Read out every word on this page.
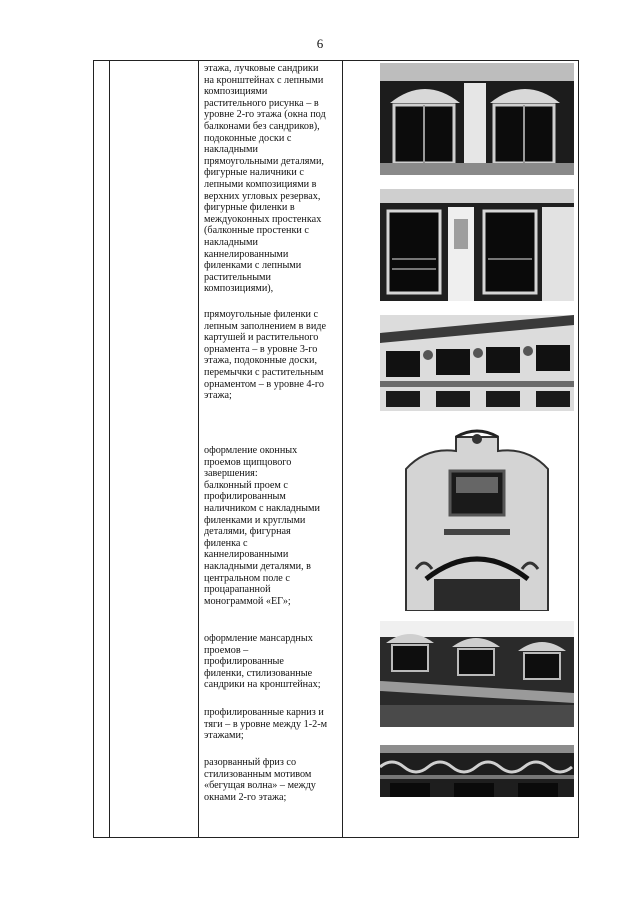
6
этажа, лучковые сандрики
на кронштейнах с лепными
композициями
растительного рисунка – в
уровне 2-го этажа (окна под
балконами без сандриков),
подоконные доски с
накладными
прямоугольными деталями,
фигурные наличники с
лепными композициями в
верхних угловых резервах,
фигурные филенки в
междуоконных простенках
(балконные простенки с
накладными
каннелированными
филенками с лепными
растительными
композициями),
прямоугольные филенки с
лепным заполнением в виде
картушей и растительного
орнамента – в уровне 3-го
этажа, подоконные доски,
перемычки с растительным
орнаментом – в уровне 4-го
этажа;
оформление оконных
проемов щипцового
завершения:
балконный проем с
профилированным
наличником с накладными
филенками и круглыми
деталями, фигурная
филенка с
каннелированными
накладными деталями, в
центральном поле с
процарапанной
монограммой «ЕГ»;
оформление мансардных
проемов –
профилированные
филенки, стилизованные
сандрики на кронштейнах;
профилированные карниз и
тяги – в уровне между 1-2-м
этажами;
разорванный фриз со
стилизованным мотивом
«бегущая волна» – между
окнами 2-го этажа;
